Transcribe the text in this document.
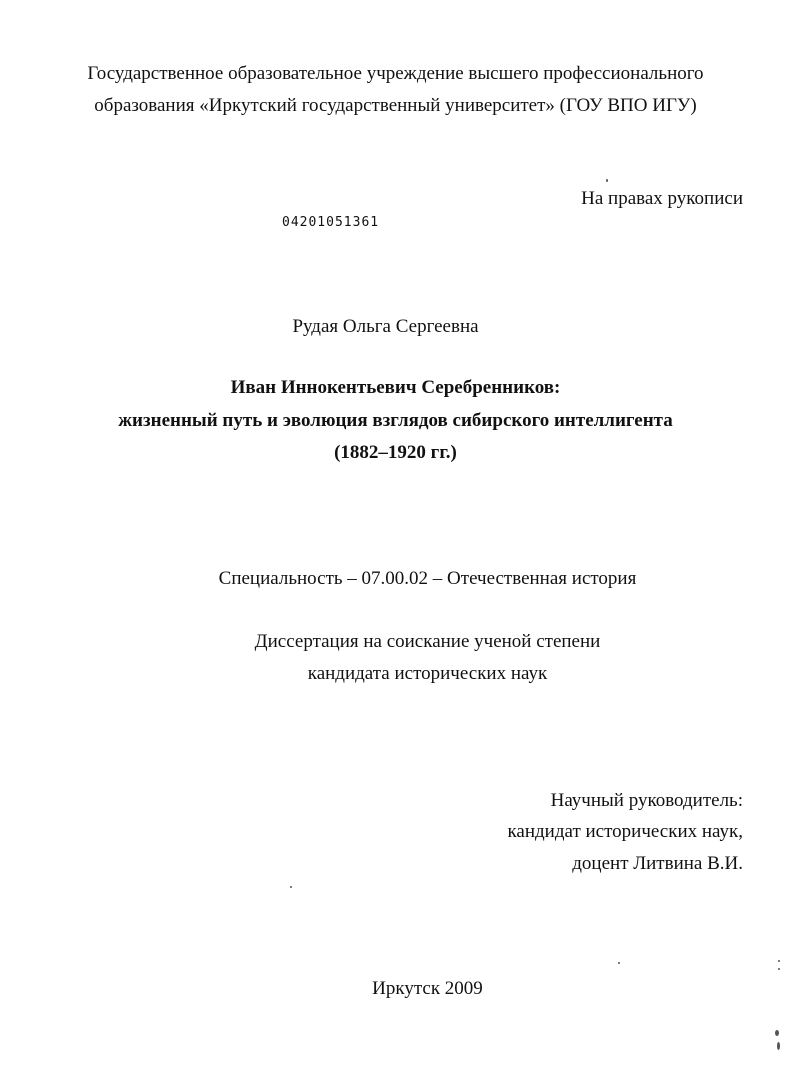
Государственное образовательное учреждение высшего профессионального
образования «Иркутский государственный университет» (ГОУ ВПО ИГУ)
На правах рукописи
04201051361
Рудая Ольга Сергеевна
Иван Иннокентьевич Серебренников:
жизненный путь и эволюция взглядов сибирского интеллигента
(1882–1920 гг.)
Специальность – 07.00.02 – Отечественная история
Диссертация на соискание ученой степени
кандидата исторических наук
Научный руководитель:
кандидат исторических наук,
доцент Литвина В.И.
Иркутск 2009
